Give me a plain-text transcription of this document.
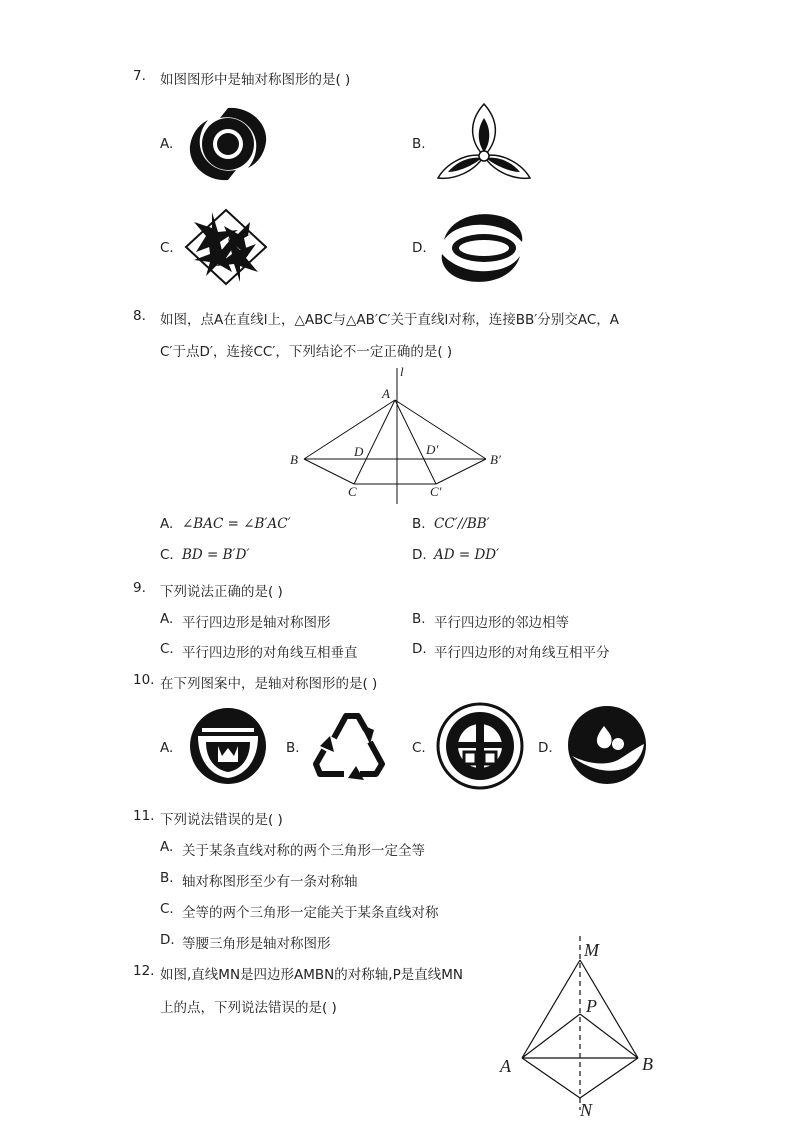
7. 如图图形中是轴对称图形的是( )
A.	B.
C.	D.
8. 如图，点A在直线l上，△ABC与△AB′C′关于直线l对称，连接BB′分别交AC，A
C′于点D′，连接CC′，下列结论不一定正确的是( )
l
A
B	B′
D	D′
C	C′
A. ∠BAC = ∠B′AC′	B. CC′//BB′
C. BD = B′D′	D. AD = DD′
9. 下列说法正确的是( )
A. 平行四边形是轴对称图形	B. 平行四边形的邻边相等
C. 平行四边形的对角线互相垂直	D. 平行四边形的对角线互相平分
10. 在下列图案中，是轴对称图形的是( )
A.	B.	C.	D.
11. 下列说法错误的是( )
A. 关于某条直线对称的两个三角形一定全等
B. 轴对称图形至少有一条对称轴
C. 全等的两个三角形一定能关于某条直线对称
D. 等腰三角形是轴对称图形
12. 如图,直线MN是四边形AMBN的对称轴,P是直线MN
上的点，下列说法错误的是( )
M
P
A	B
N
